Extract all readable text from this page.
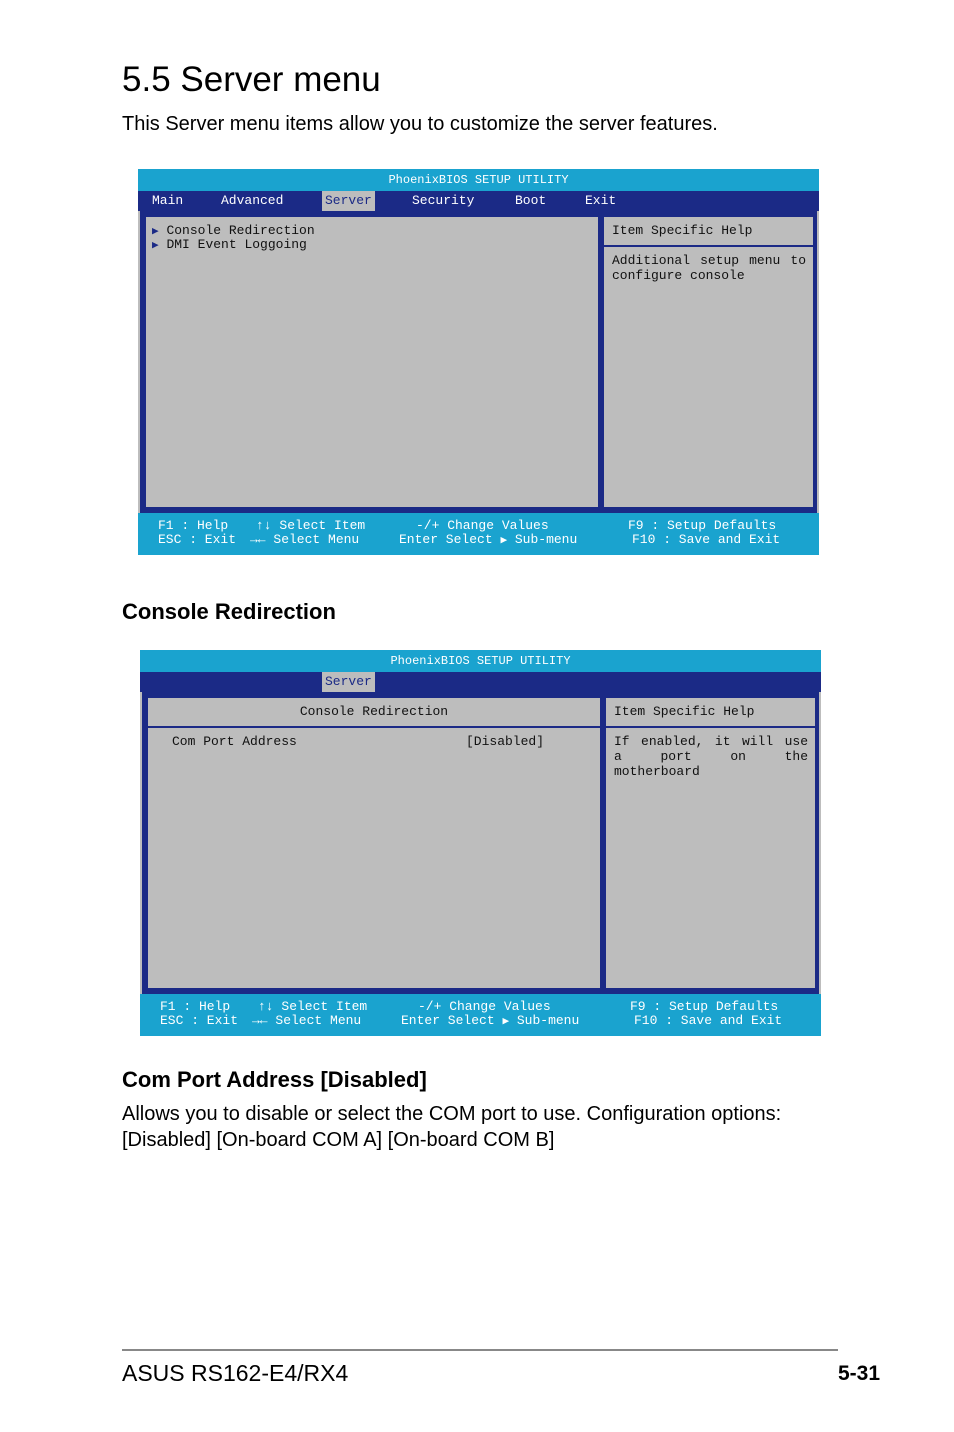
5.5 Server menu
This Server menu items allow you to customize the server features.
PhoenixBIOS SETUP UTILITY
Main	Advanced	Server	Security	Boot	Exit
▶ Console Redirection
▶ DMI Event Loggoing
Item Specific Help
Additional setup menu to configure console
F1 : Help
ESC : Exit
↑↓ Select Item
→← Select Menu
-/+ Change Values
Enter Select ▶ Sub-menu
F9 : Setup Defaults
F10 : Save and Exit
Console Redirection
PhoenixBIOS SETUP UTILITY
Server
Console Redirection
Com Port Address	[Disabled]
Item Specific Help
If enabled, it will use a port on the motherboard
F1 : Help
ESC : Exit
↑↓ Select Item
→← Select Menu
-/+ Change Values
Enter Select ▶ Sub-menu
F9 : Setup Defaults
F10 : Save and Exit
Com Port Address [Disabled]
Allows you to disable or select the COM port to use. Configuration options: [Disabled] [On-board COM A] [On-board COM B]
ASUS RS162-E4/RX4	5-31
